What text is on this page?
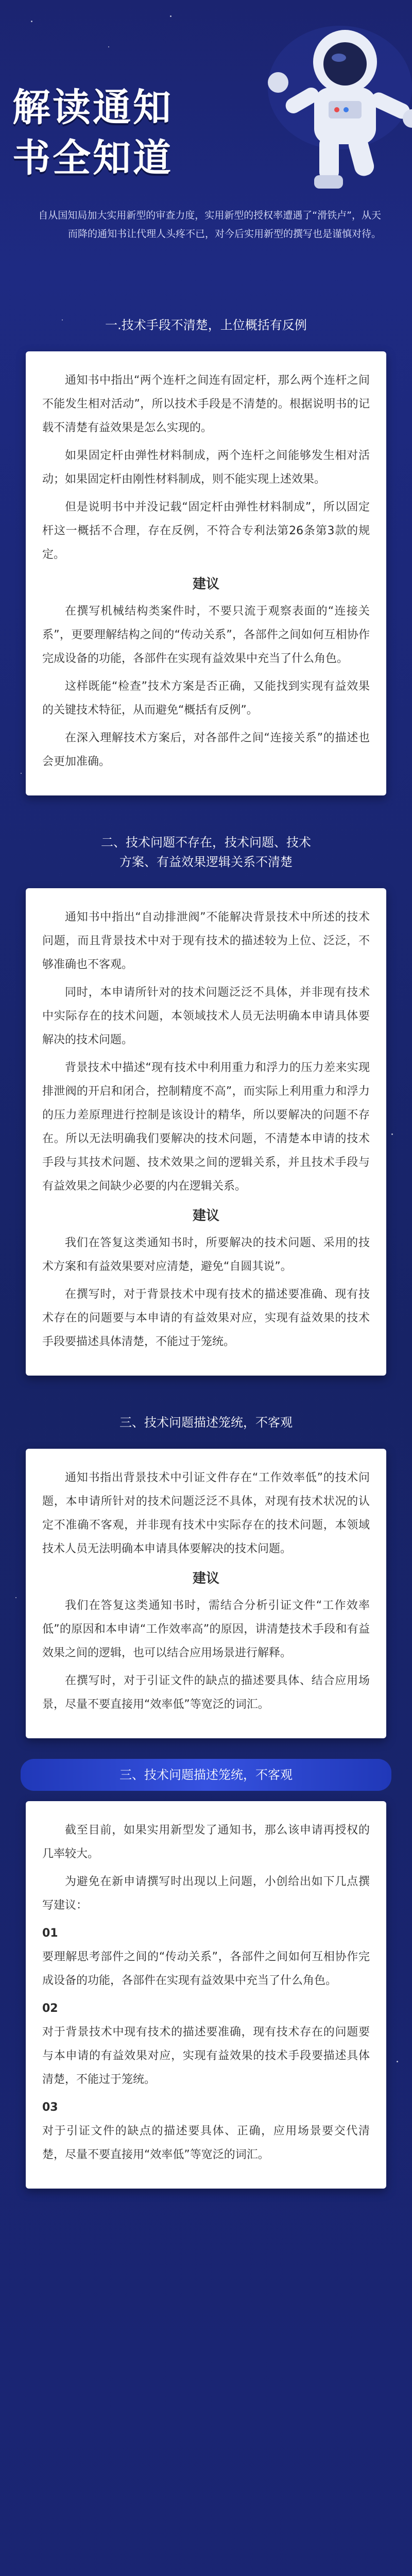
解读通知
书全知道
自从国知局加大实用新型的审查力度，实用新型的授权率遭遇了“滑铁卢”，从天而降的通知书让代理人头疼不已，对今后实用新型的撰写也是谨慎对待。
一.技术手段不清楚，上位概括有反例

通知书中指出“两个连杆之间连有固定杆，那么两个连杆之间不能发生相对活动”，所以技术手段是不清楚的。根据说明书的记载不清楚有益效果是怎么实现的。

如果固定杆由弹性材料制成，两个连杆之间能够发生相对活动；如果固定杆由刚性材料制成，则不能实现上述效果。

但是说明书中并没记载“固定杆由弹性材料制成”，所以固定杆这一概括不合理，存在反例，不符合专利法第26条第3款的规定。

建议

在撰写机械结构类案件时，不要只流于观察表面的“连接关系”，更要理解结构之间的“传动关系”，各部件之间如何互相协作完成设备的功能，各部件在实现有益效果中充当了什么角色。

这样既能“检查”技术方案是否正确，又能找到实现有益效果的关键技术特征，从而避免“概括有反例”。

在深入理解技术方案后，对各部件之间“连接关系”的描述也会更加准确。

二、技术问题不存在，技术问题、技术
方案、有益效果逻辑关系不清楚

通知书中指出“自动排泄阀”不能解决背景技术中所述的技术问题，而且背景技术中对于现有技术的描述较为上位、泛泛，不够准确也不客观。

同时，本申请所针对的技术问题泛泛不具体，并非现有技术中实际存在的技术问题，本领域技术人员无法明确本申请具体要解决的技术问题。

背景技术中描述“现有技术中利用重力和浮力的压力差来实现排泄阀的开启和闭合，控制精度不高”，而实际上利用重力和浮力的压力差原理进行控制是该设计的精华，所以要解决的问题不存在。所以无法明确我们要解决的技术问题，不清楚本申请的技术手段与其技术问题、技术效果之间的逻辑关系，并且技术手段与有益效果之间缺少必要的内在逻辑关系。

建议

我们在答复这类通知书时，所要解决的技术问题、采用的技术方案和有益效果要对应清楚，避免“自圆其说”。

在撰写时，对于背景技术中现有技术的描述要准确、现有技术存在的问题要与本申请的有益效果对应，实现有益效果的技术手段要描述具体清楚，不能过于笼统。

三、技术问题描述笼统，不客观

通知书指出背景技术中引证文件存在“工作效率低”的技术问题，本申请所针对的技术问题泛泛不具体，对现有技术状况的认定不准确不客观，并非现有技术中实际存在的技术问题，本领域技术人员无法明确本申请具体要解决的技术问题。

建议

我们在答复这类通知书时，需结合分析引证文件“工作效率低”的原因和本申请“工作效率高”的原因，讲清楚技术手段和有益效果之间的逻辑，也可以结合应用场景进行解释。

在撰写时，对于引证文件的缺点的描述要具体、结合应用场景，尽量不要直接用“效率低”等宽泛的词汇。

三、技术问题描述笼统，不客观

截至目前，如果实用新型发了通知书，那么该申请再授权的几率较大。

为避免在新申请撰写时出现以上问题，小创给出如下几点撰写建议：

01

要理解思考部件之间的“传动关系”，各部件之间如何互相协作完成设备的功能，各部件在实现有益效果中充当了什么角色。

02

对于背景技术中现有技术的描述要准确，现有技术存在的问题要与本申请的有益效果对应，实现有益效果的技术手段要描述具体清楚，不能过于笼统。

03

对于引证文件的缺点的描述要具体、正确，应用场景要交代清楚，尽量不要直接用“效率低”等宽泛的词汇。
